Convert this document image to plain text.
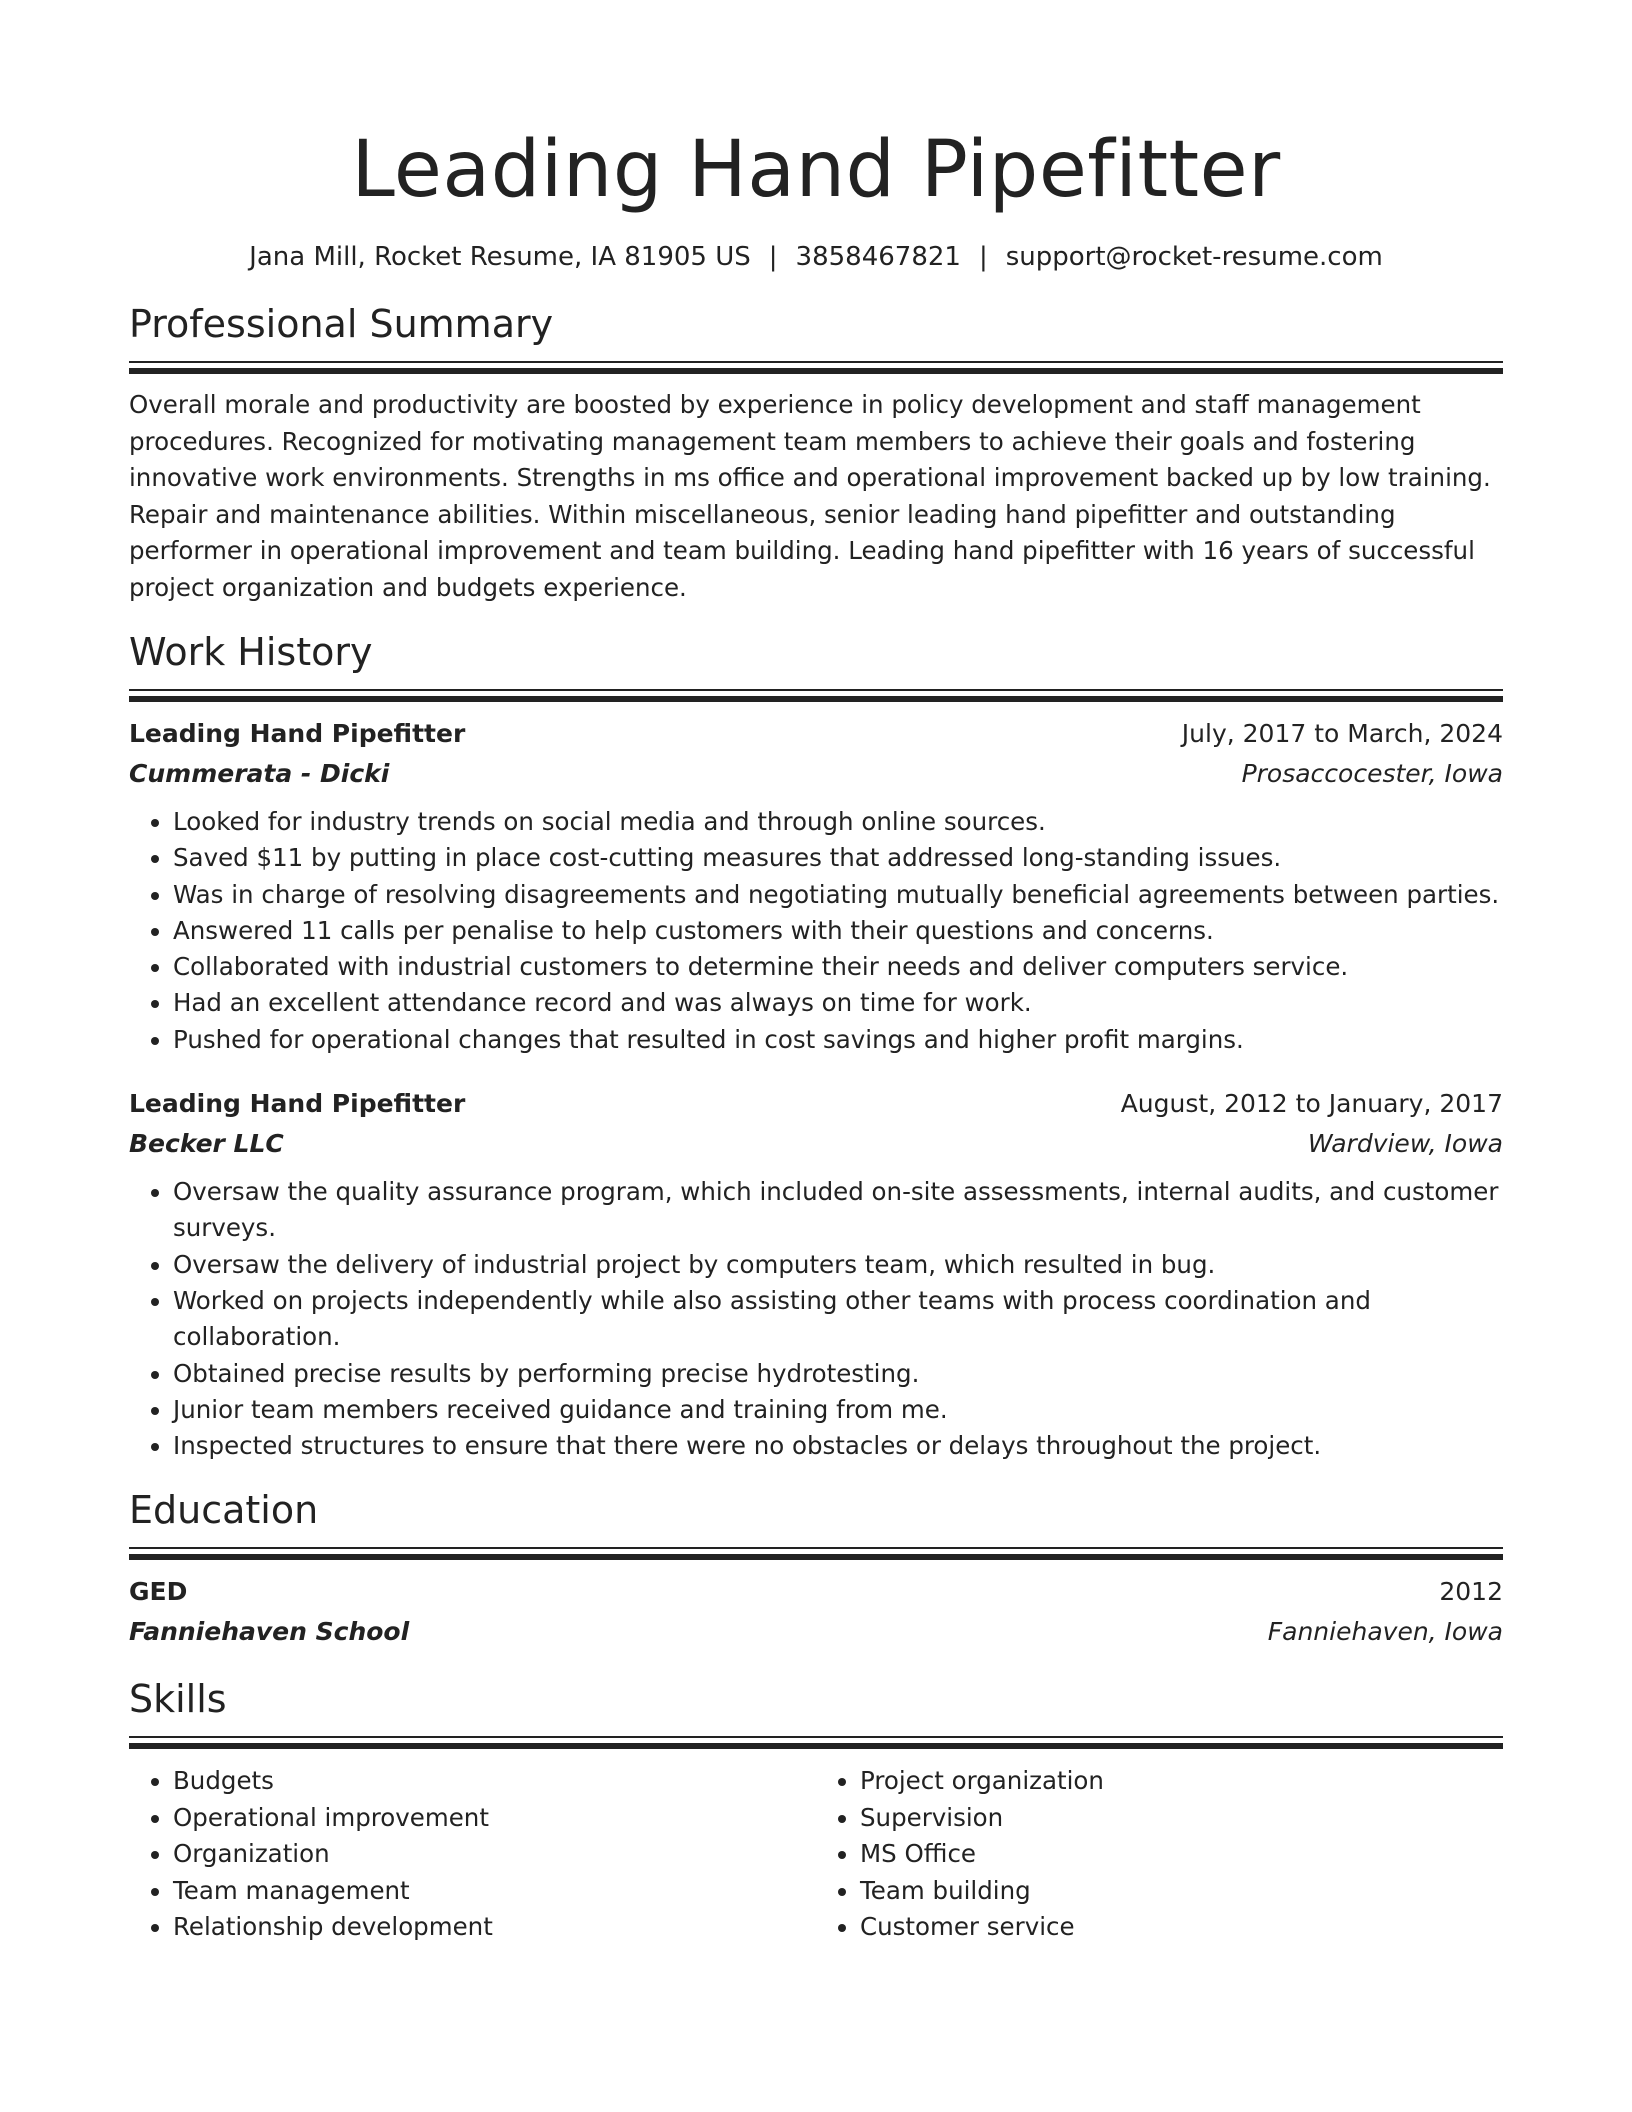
Leading Hand Pipefitter
Jana Mill, Rocket Resume, IA 81905 US | 3858467821 | support@rocket-resume.com
Professional Summary
Overall morale and productivity are boosted by experience in policy development and staff management procedures. Recognized for motivating management team members to achieve their goals and fostering innovative work environments. Strengths in ms office and operational improvement backed up by low training. Repair and maintenance abilities. Within miscellaneous, senior leading hand pipefitter and outstanding performer in operational improvement and team building. Leading hand pipefitter with 16 years of successful project organization and budgets experience.
Work History
Leading Hand Pipefitter	July, 2017 to March, 2024
Cummerata - Dicki	Prosaccocester, Iowa
• Looked for industry trends on social media and through online sources.
• Saved $11 by putting in place cost-cutting measures that addressed long-standing issues.
• Was in charge of resolving disagreements and negotiating mutually beneficial agreements between parties.
• Answered 11 calls per penalise to help customers with their questions and concerns.
• Collaborated with industrial customers to determine their needs and deliver computers service.
• Had an excellent attendance record and was always on time for work.
• Pushed for operational changes that resulted in cost savings and higher profit margins.
Leading Hand Pipefitter	August, 2012 to January, 2017
Becker LLC	Wardview, Iowa
• Oversaw the quality assurance program, which included on-site assessments, internal audits, and customer surveys.
• Oversaw the delivery of industrial project by computers team, which resulted in bug.
• Worked on projects independently while also assisting other teams with process coordination and collaboration.
• Obtained precise results by performing precise hydrotesting.
• Junior team members received guidance and training from me.
• Inspected structures to ensure that there were no obstacles or delays throughout the project.
Education
GED	2012
Fanniehaven School	Fanniehaven, Iowa
Skills
• Budgets
• Operational improvement
• Organization
• Team management
• Relationship development
• Project organization
• Supervision
• MS Office
• Team building
• Customer service
